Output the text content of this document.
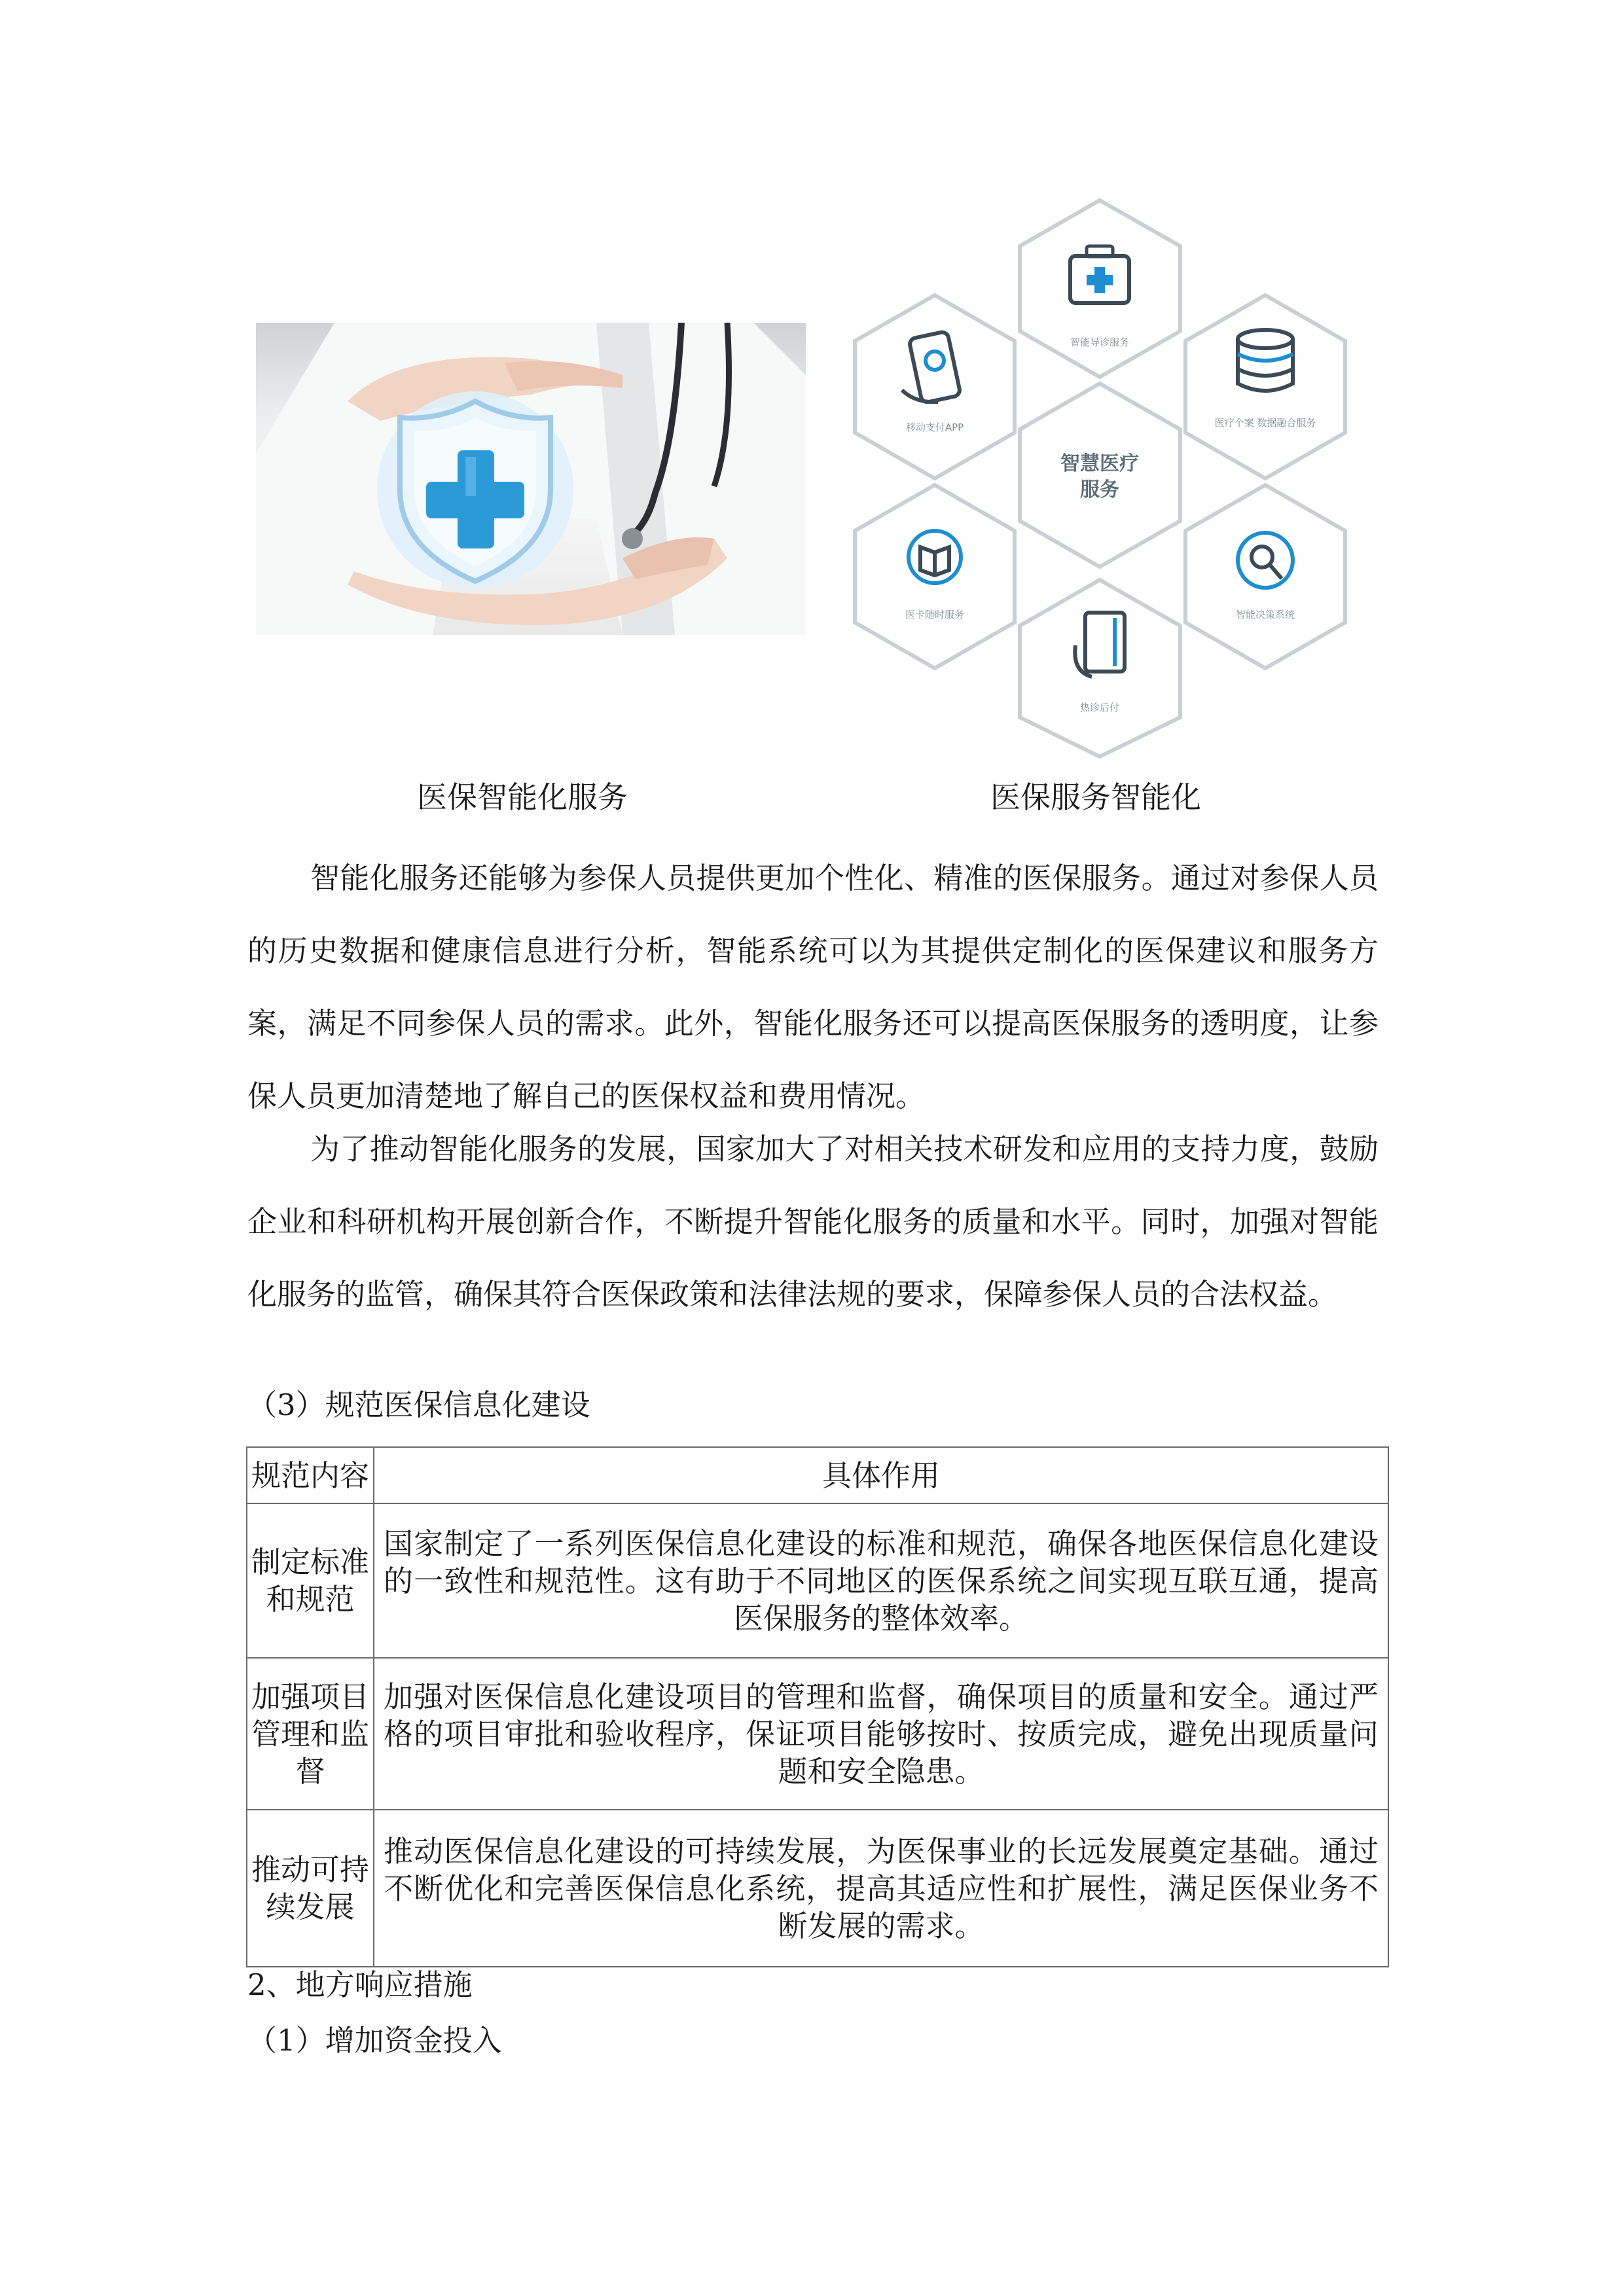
智能导诊服务
医疗个案 数据融合服务
移动支付APP
智慧医疗
服务
医卡随时服务	智能决策系统
热诊后付
医保智能化服务	医保服务智能化

智能化服务还能够为参保人员提供更加个性化、精准的医保服务。通过对参保人员的历史数据和健康信息进行分析，智能系统可以为其提供定制化的医保建议和服务方案，满足不同参保人员的需求。此外，智能化服务还可以提高医保服务的透明度，让参保人员更加清楚地了解自己的医保权益和费用情况。

为了推动智能化服务的发展，国家加大了对相关技术研发和应用的支持力度，鼓励企业和科研机构开展创新合作，不断提升智能化服务的质量和水平。同时，加强对智能化服务的监管，确保其符合医保政策和法律法规的要求，保障参保人员的合法权益。

（3）规范医保信息化建设
规范内容	具体作用
制定标准和规范	国家制定了一系列医保信息化建设的标准和规范，确保各地医保信息化建设的一致性和规范性。这有助于不同地区的医保系统之间实现互联互通，提高医保服务的整体效率。
加强项目管理和监督	加强对医保信息化建设项目的管理和监督，确保项目的质量和安全。通过严格的项目审批和验收程序，保证项目能够按时、按质完成，避免出现质量问题和安全隐患。
推动可持续发展	推动医保信息化建设的可持续发展，为医保事业的长远发展奠定基础。通过不断优化和完善医保信息化系统，提高其适应性和扩展性，满足医保业务不断发展的需求。
2、地方响应措施
（1）增加资金投入
